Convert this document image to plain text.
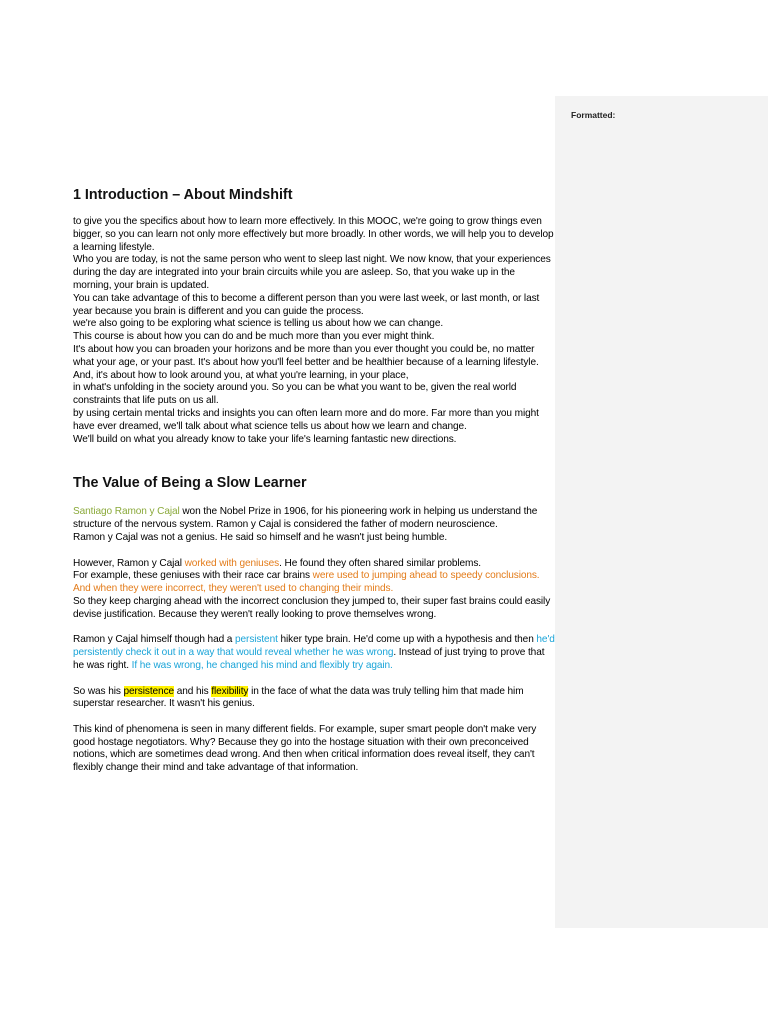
1 Introduction – About Mindshift

to give you the specifics about how to learn more effectively. In this MOOC, we're going to grow things even bigger, so you can learn not only more effectively but more broadly. In other words, we will help you to develop a learning lifestyle.

Who you are today, is not the same person who went to sleep last night. We now know, that your experiences during the day are integrated into your brain circuits while you are asleep. So, that you wake up in the morning, your brain is updated.

You can take advantage of this to become a different person than you were last week, or last month, or last year because you brain is different and you can guide the process.

we're also going to be exploring what science is telling us about how we can change.

This course is about how you can do and be much more than you ever might think.

It's about how you can broaden your horizons and be more than you ever thought you could be, no matter what your age, or your past. It's about how you'll feel better and be healthier because of a learning lifestyle. And, it's about how to look around you, at what you're learning, in your place,

in what's unfolding in the society around you. So you can be what you want to be, given the real world constraints that life puts on us all.

by using certain mental tricks and insights you can often learn more and do more. Far more than you might have ever dreamed, we'll talk about what science tells us about how we learn and change.

We'll build on what you already know to take your life's learning fantastic new directions.

The Value of Being a Slow Learner

Santiago Ramon y Cajal won the Nobel Prize in 1906, for his pioneering work in helping us understand the structure of the nervous system. Ramon y Cajal is considered the father of modern neuroscience.

Ramon y Cajal was not a genius. He said so himself and he wasn't just being humble.

However, Ramon y Cajal worked with geniuses. He found they often shared similar problems.

For example, these geniuses with their race car brains were used to jumping ahead to speedy conclusions. And when they were incorrect, they weren't used to changing their minds.

So they keep charging ahead with the incorrect conclusion they jumped to, their super fast brains could easily devise justification. Because they weren't really looking to prove themselves wrong.

Ramon y Cajal himself though had a persistent hiker type brain. He'd come up with a hypothesis and then he'd persistently check it out in a way that would reveal whether he was wrong. Instead of just trying to prove that he was right. If he was wrong, he changed his mind and flexibly try again.

So was his persistence and his flexibility in the face of what the data was truly telling him that made him superstar researcher. It wasn't his genius.

This kind of phenomena is seen in many different fields. For example, super smart people don't make very good hostage negotiators. Why? Because they go into the hostage situation with their own preconceived notions, which are sometimes dead wrong. And then when critical information does reveal itself, they can't flexibly change their mind and take advantage of that information.

Formatted:
